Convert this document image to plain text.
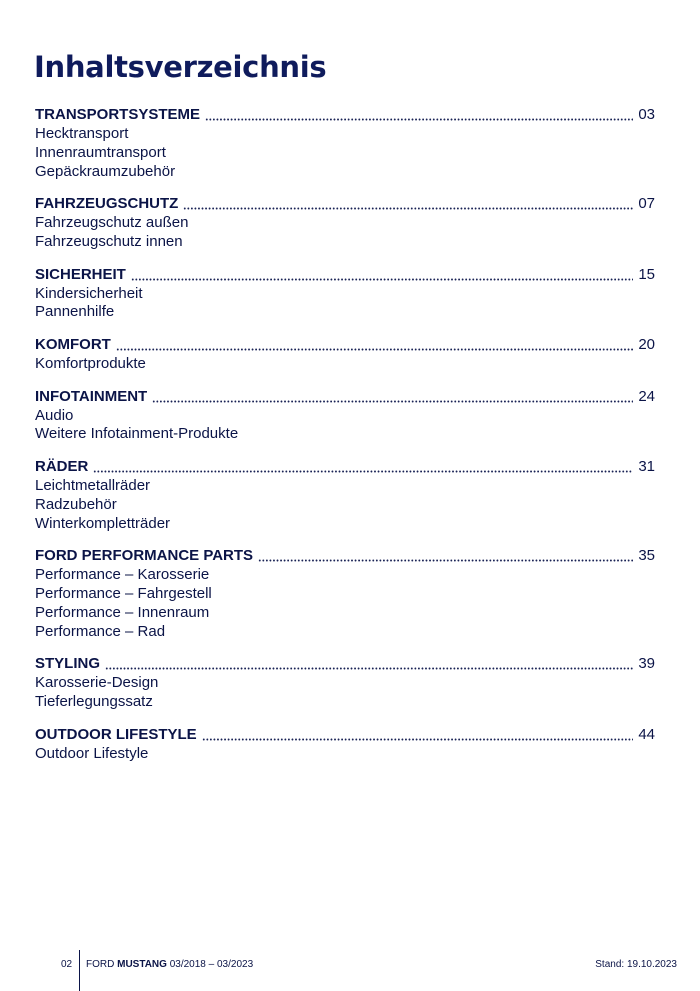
Inhaltsverzeichnis
TRANSPORTSYSTEME	03
Hecktransport
Innenraumtransport
Gepäckraumzubehör
FAHRZEUGSCHUTZ	07
Fahrzeugschutz außen
Fahrzeugschutz innen
SICHERHEIT	15
Kindersicherheit
Pannenhilfe
KOMFORT	20
Komfortprodukte
INFOTAINMENT	24
Audio
Weitere Infotainment-Produkte
RÄDER	31
Leichtmetallräder
Radzubehör
Winterkompletträder
FORD PERFORMANCE PARTS	35
Performance – Karosserie
Performance – Fahrgestell
Performance – Innenraum
Performance – Rad
STYLING	39
Karosserie-Design
Tieferlegungssatz
OUTDOOR LIFESTYLE	44
Outdoor Lifestyle
02 FORD MUSTANG 03/2018 – 03/2023	Stand: 19.10.2023
